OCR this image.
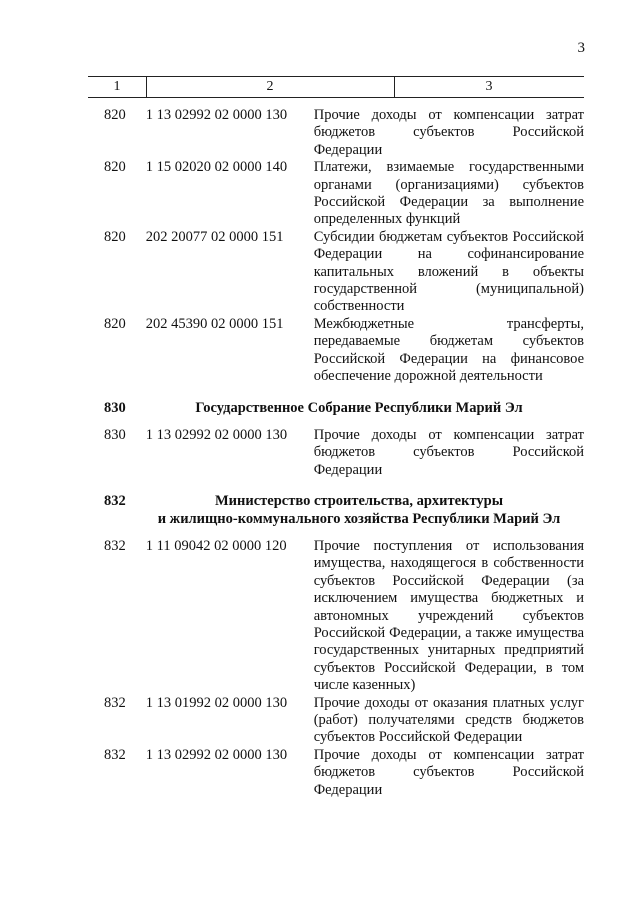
3
1	2	3
820	1 13 02992 02 0000 130	Прочие доходы от компенсации затрат бюджетов субъектов Российской Федерации
820	1 15 02020 02 0000 140	Платежи, взимаемые государственными органами (организациями) субъектов Российской Федерации за выполнение определенных функций
820	202 20077 02 0000 151	Субсидии бюджетам субъектов Российской Федерации на софинансирование капитальных вложений в объекты государственной (муниципальной) собственности
820	202 45390 02 0000 151	Межбюджетные трансферты, передаваемые бюджетам субъектов Российской Федерации на финансовое обеспечение дорожной деятельности
830	Государственное Собрание Республики Марий Эл
830	1 13 02992 02 0000 130	Прочие доходы от компенсации затрат бюджетов субъектов Российской Федерации
832	Министерство строительства, архитектуры
и жилищно-коммунального хозяйства Республики Марий Эл
832	1 11 09042 02 0000 120	Прочие поступления от использования имущества, находящегося в собственности субъектов Российской Федерации (за исключением имущества бюджетных и автономных учреждений субъектов Российской Федерации, а также имущества государственных унитарных предприятий субъектов Российской Федерации, в том числе казенных)
832	1 13 01992 02 0000 130	Прочие доходы от оказания платных услуг (работ) получателями средств бюджетов субъектов Российской Федерации
832	1 13 02992 02 0000 130	Прочие доходы от компенсации затрат бюджетов субъектов Российской Федерации
